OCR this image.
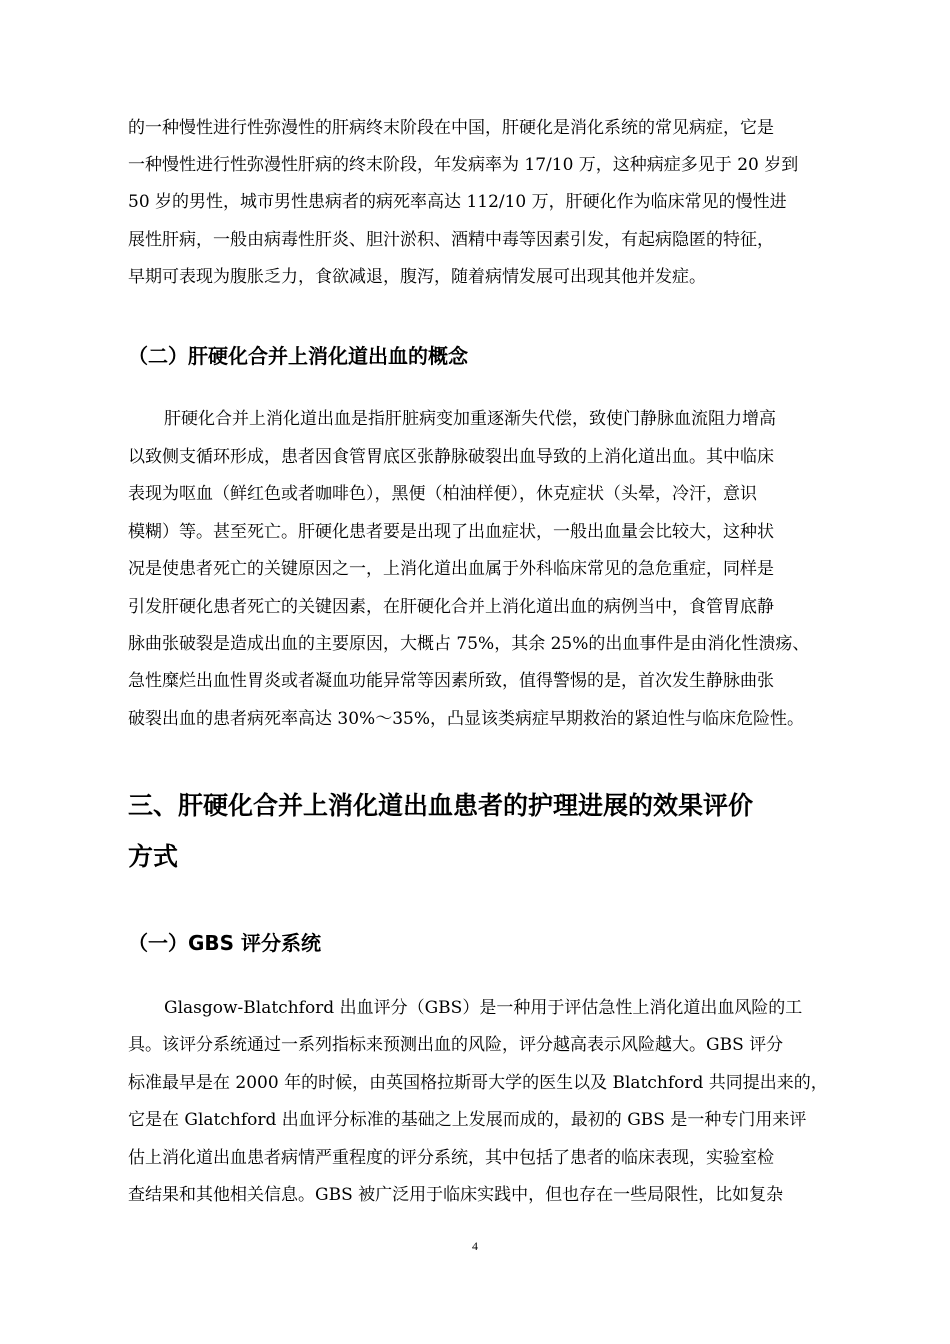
的一种慢性进行性弥漫性的肝病终末阶段在中国，肝硬化是消化系统的常见病症，它是

一种慢性进行性弥漫性肝病的终末阶段，年发病率为 17/10 万，这种病症多见于 20 岁到

50 岁的男性，城市男性患病者的病死率高达 112/10 万，肝硬化作为临床常见的慢性进

展性肝病，一般由病毒性肝炎、胆汁淤积、酒精中毒等因素引发，有起病隐匿的特征，

早期可表现为腹胀乏力，食欲减退，腹泻，随着病情发展可出现其他并发症。

（二）肝硬化合并上消化道出血的概念

肝硬化合并上消化道出血是指肝脏病变加重逐渐失代偿，致使门静脉血流阻力增高

以致侧支循环形成，患者因食管胃底区张静脉破裂出血导致的上消化道出血。其中临床

表现为呕血（鲜红色或者咖啡色），黑便（柏油样便），休克症状（头晕，冷汗，意识

模糊）等。甚至死亡。肝硬化患者要是出现了出血症状，一般出血量会比较大，这种状

况是使患者死亡的关键原因之一，上消化道出血属于外科临床常见的急危重症，同样是

引发肝硬化患者死亡的关键因素，在肝硬化合并上消化道出血的病例当中，食管胃底静

脉曲张破裂是造成出血的主要原因，大概占 75%，其余 25%的出血事件是由消化性溃疡、

急性糜烂出血性胃炎或者凝血功能异常等因素所致，值得警惕的是，首次发生静脉曲张

破裂出血的患者病死率高达 30%～35%，凸显该类病症早期救治的紧迫性与临床危险性。

三、肝硬化合并上消化道出血患者的护理进展的效果评价
方式
（一）GBS 评分系统

Glasgow-Blatchford 出血评分（GBS）是一种用于评估急性上消化道出血风险的工

具。该评分系统通过一系列指标来预测出血的风险，评分越高表示风险越大。GBS 评分

标准最早是在 2000 年的时候，由英国格拉斯哥大学的医生以及 Blatchford 共同提出来的，

它是在 Glatchford 出血评分标准的基础之上发展而成的，最初的 GBS 是一种专门用来评

估上消化道出血患者病情严重程度的评分系统，其中包括了患者的临床表现，实验室检

查结果和其他相关信息。GBS 被广泛用于临床实践中，但也存在一些局限性，比如复杂

4
